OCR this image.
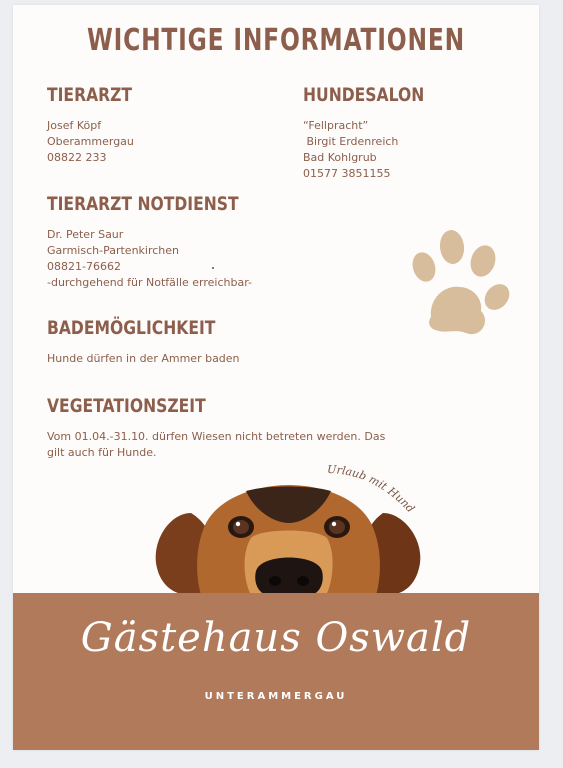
WICHTIGE INFORMATIONEN
TIERARZT
Josef Köpf
Oberammergau
08822 233
HUNDESALON
“Fellpracht”
Birgit Erdenreich
Bad Kohlgrub
01577 3851155
TIERARZT NOTDIENST
Dr. Peter Saur
Garmisch-Partenkirchen
08821-76662
-durchgehend für Notfälle erreichbar-
BADEMÖGLICHKEIT
Hunde dürfen in der Ammer baden
VEGETATIONSZEIT
Vom 01.04.-31.10. dürfen Wiesen nicht betreten werden. Das
gilt auch für Hunde.
Urlaub mit Hund
Gästehaus Oswald
UNTERAMMERGAU
